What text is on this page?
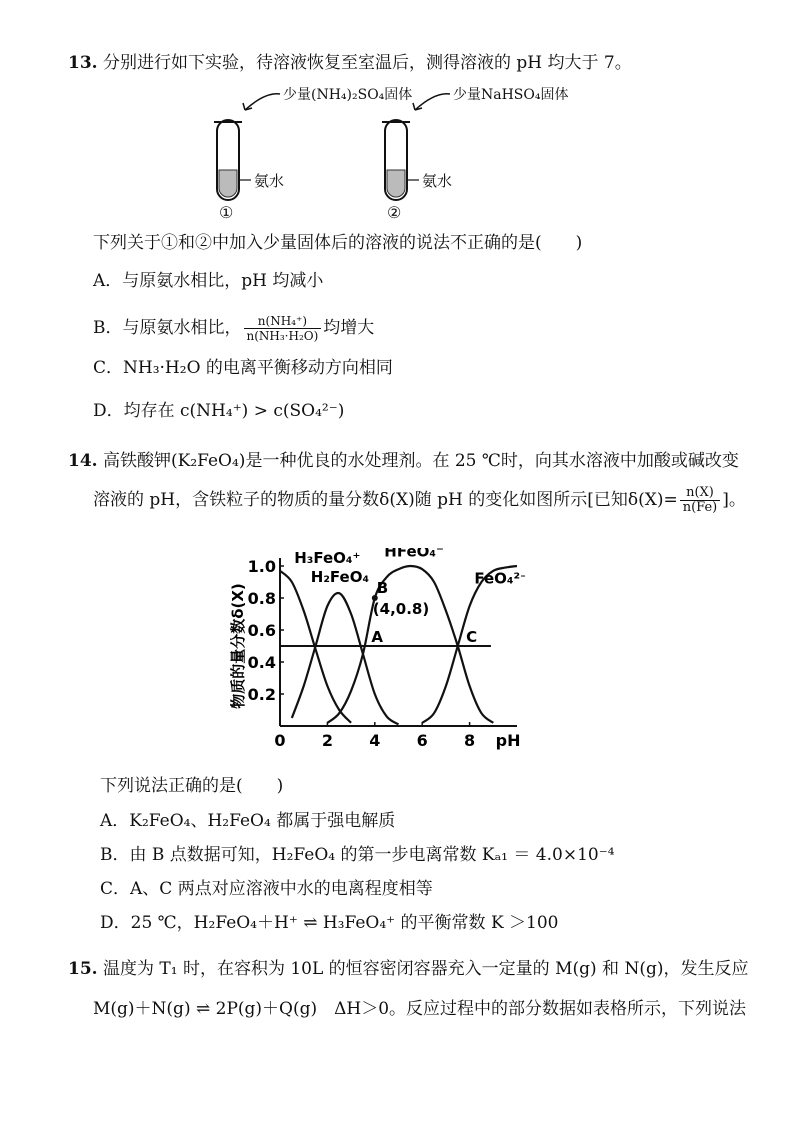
13. 分别进行如下实验，待溶液恢复至室温后，测得溶液的 pH 均大于 7。
少量(NH₄)₂SO₄固体
氨水
①
少量NaHSO₄固体
氨水
②
下列关于①和②中加入少量固体后的溶液的说法不正确的是(　　)
A．与原氨水相比，pH 均减小
B．与原氨水相比， $\frac{\text{n(NH₄⁺)}}{\text{n(NH₃·H₂O)}}$ 均增大
C．NH₃·H₂O 的电离平衡移动方向相同
D．均存在 c(NH₄⁺) > c(SO₄²⁻)
14. 高铁酸钾(K₂FeO₄)是一种优良的水处理剂。在 25 ℃时，向其水溶液中加酸或碱改变
溶液的 pH，含铁粒子的物质的量分数δ(X)随 pH 的变化如图所示[已知$\delta(X)= \frac{n(X)}{n(Fe)}$ ]。
0 2 4 6 8 pH
0.2
0.4
0.6
0.8
1.0
物质的量分数δ(X)
H₃FeO₄⁺
H₂FeO₄
HFeO₄⁻
FeO₄²⁻
A
B
(4,0.8)
C
下列说法正确的是(　　)
A．K₂FeO₄、H₂FeO₄ 都属于强电解质
B．由 B 点数据可知，H₂FeO₄ 的第一步电离常数 Kₐ₁ ＝ 4.0×10⁻⁴
C．A、C 两点对应溶液中水的电离程度相等
D．25 ℃，H₂FeO₄＋H⁺ ⇌ H₃FeO₄⁺ 的平衡常数 K ＞100
15. 温度为 T₁ 时，在容积为 10L 的恒容密闭容器充入一定量的 M(g) 和 N(g)，发生反应
M(g)＋N(g) ⇌ 2P(g)＋Q(g)　ΔH＞0。反应过程中的部分数据如表格所示，下列说法
